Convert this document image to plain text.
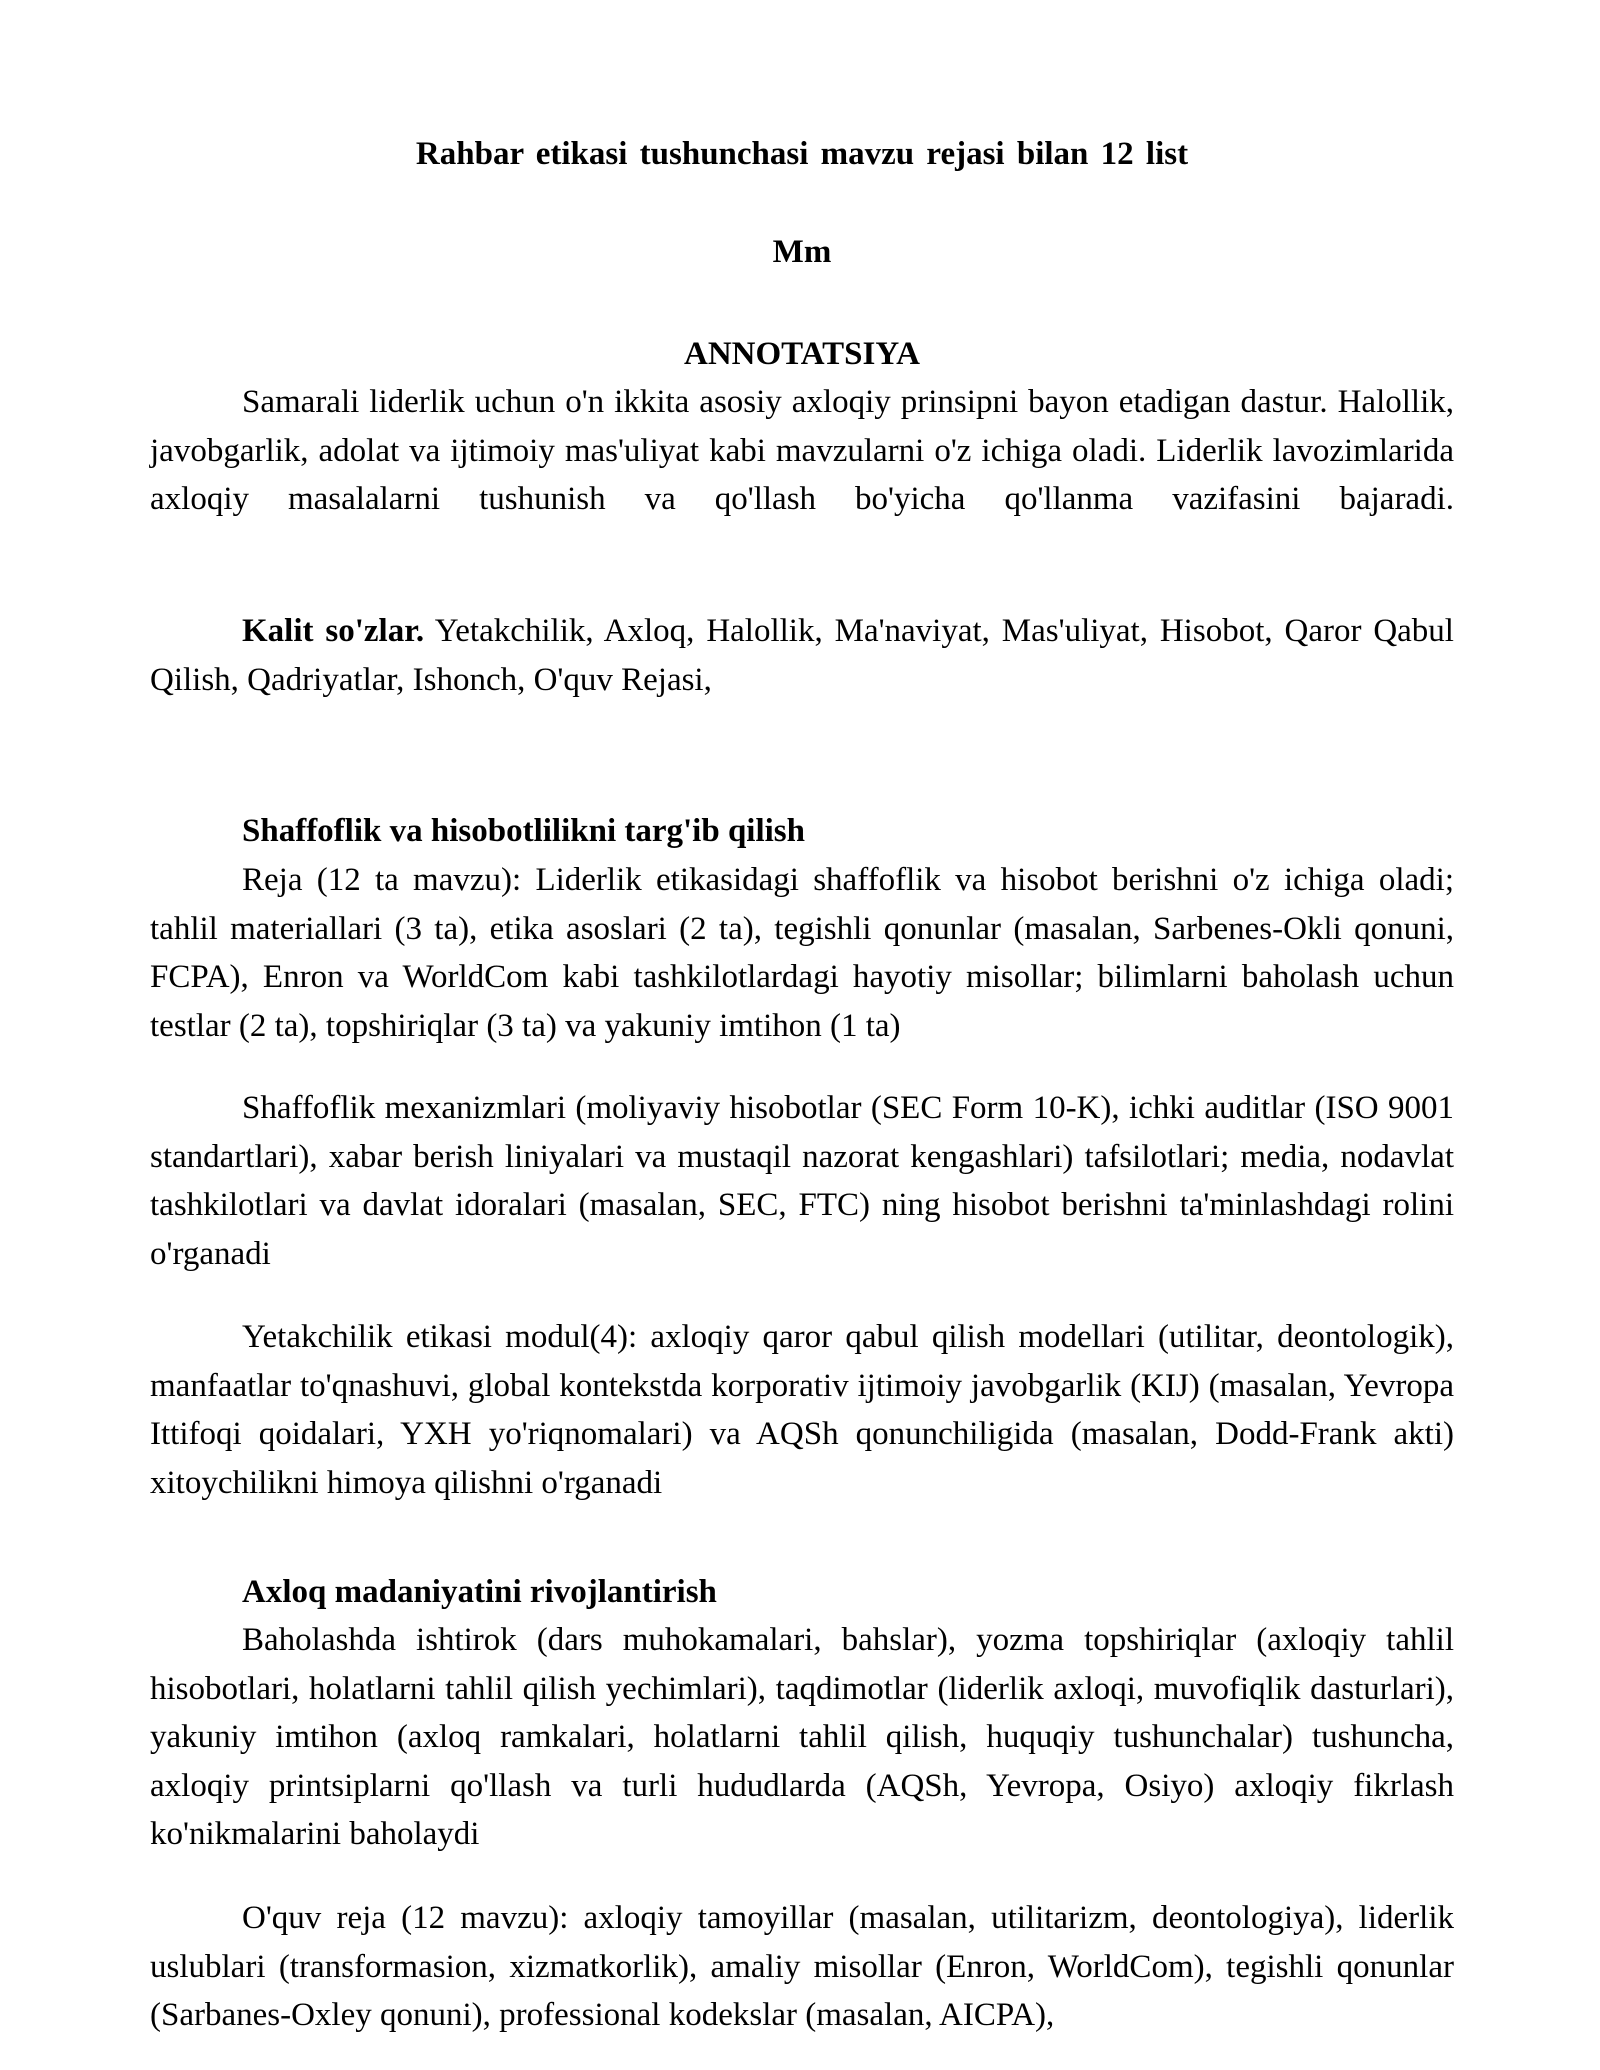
Rahbar etikasi tushunchasi mavzu rejasi bilan 12 list
Mm
ANNOTATSIYA
Samarali liderlik uchun o'n ikkita asosiy axloqiy prinsipni bayon etadigan dastur. Halollik, javobgarlik, adolat va ijtimoiy mas'uliyat kabi mavzularni o'z ichiga oladi. Liderlik lavozimlarida axloqiy masalalarni tushunish va qo'llash bo'yicha qo'llanma vazifasini bajaradi.
Kalit so'zlar. Yetakchilik, Axloq, Halollik, Ma'naviyat, Mas'uliyat, Hisobot, Qaror Qabul Qilish, Qadriyatlar, Ishonch, O'quv Rejasi,
Shaffoflik va hisobotlilikni targ'ib qilish
Reja (12 ta mavzu): Liderlik etikasidagi shaffoflik va hisobot berishni o'z ichiga oladi; tahlil materiallari (3 ta), etika asoslari (2 ta), tegishli qonunlar (masalan, Sarbenes-Okli qonuni, FCPA), Enron va WorldCom kabi tashkilotlardagi hayotiy misollar; bilimlarni baholash uchun testlar (2 ta), topshiriqlar (3 ta) va yakuniy imtihon (1 ta)
Shaffoflik mexanizmlari (moliyaviy hisobotlar (SEC Form 10-K), ichki auditlar (ISO 9001 standartlari), xabar berish liniyalari va mustaqil nazorat kengashlari) tafsilotlari; media, nodavlat tashkilotlari va davlat idoralari (masalan, SEC, FTC) ning hisobot berishni ta'minlashdagi rolini o'rganadi
Yetakchilik etikasi modul(4): axloqiy qaror qabul qilish modellari (utilitar, deontologik), manfaatlar to'qnashuvi, global kontekstda korporativ ijtimoiy javobgarlik (KIJ) (masalan, Yevropa Ittifoqi qoidalari, YXH yo'riqnomalari) va AQSh qonunchiligida (masalan, Dodd-Frank akti) xitoychilikni himoya qilishni o'rganadi
Axloq madaniyatini rivojlantirish
Baholashda ishtirok (dars muhokamalari, bahslar), yozma topshiriqlar (axloqiy tahlil hisobotlari, holatlarni tahlil qilish yechimlari), taqdimotlar (liderlik axloqi, muvofiqlik dasturlari), yakuniy imtihon (axloq ramkalari, holatlarni tahlil qilish, huquqiy tushunchalar) tushuncha, axloqiy printsiplarni qo'llash va turli hududlarda (AQSh, Yevropa, Osiyo) axloqiy fikrlash ko'nikmalarini baholaydi
O'quv reja (12 mavzu): axloqiy tamoyillar (masalan, utilitarizm, deontologiya), liderlik uslublari (transformasion, xizmatkorlik), amaliy misollar (Enron, WorldCom), tegishli qonunlar (Sarbanes-Oxley qonuni), professional kodekslar (masalan, AICPA),
